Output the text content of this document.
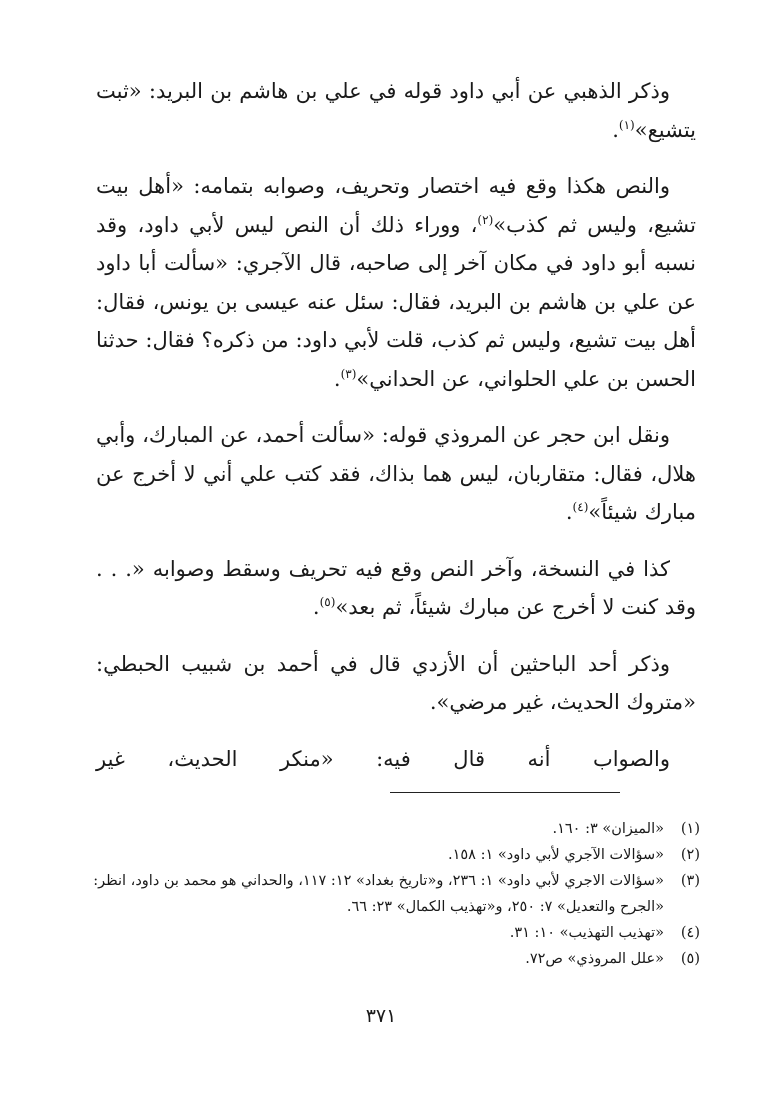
وذكر الذهبي عن أبي داود قوله في علي بن هاشم بن البريد: «ثبت يتشيع»$^{(١)}$.

والنص هكذا وقع فيه اختصار وتحريف، وصوابه بتمامه: «أهل بيت تشيع، وليس ثم كذب»$^{(٢)}$، ووراء ذلك أن النص ليس لأبي داود، وقد نسبه أبو داود في مكان آخر إلى صاحبه، قال الآجري: «سألت أبا داود عن علي بن هاشم بن البريد، فقال: سئل عنه عيسى بن يونس، فقال: أهل بيت تشيع، وليس ثم كذب، قلت لأبي داود: من ذكره؟ فقال: حدثنا الحسن بن علي الحلواني، عن الحداني»$^{(٣)}$.

ونقل ابن حجر عن المروذي قوله: «سألت أحمد، عن المبارك، وأبي هلال، فقال: متقاربان، ليس هما بذاك، فقد كتب علي أني لا أخرج عن مبارك شيئاً»$^{(٤)}$.

كذا في النسخة، وآخر النص وقع فيه تحريف وسقط وصوابه «. . . وقد كنت لا أخرج عن مبارك شيئاً، ثم بعد»$^{(٥)}$.

وذكر أحد الباحثين أن الأزدي قال في أحمد بن شبيب الحبطي: «متروك الحديث، غير مرضي».

والصواب أنه قال فيه: «منكر الحديث، غير

(١)
«الميزان» ٣: ١٦٠.
(٢)
«سؤالات الآجري لأبي داود» ١: ١٥٨.
(٣)
«سؤالات الاجري لأبي داود» ١: ٢٣٦، و«تاريخ بغداد» ١٢: ١١٧، والحداني هو محمد بن داود، انظر: «الجرح والتعديل» ٧: ٢٥٠، و«تهذيب الكمال» ٢٣: ٦٦.
(٤)
«تهذيب التهذيب» ١٠: ٣١.
(٥)
«علل المروذي» ص٧٢.
٣٧١
